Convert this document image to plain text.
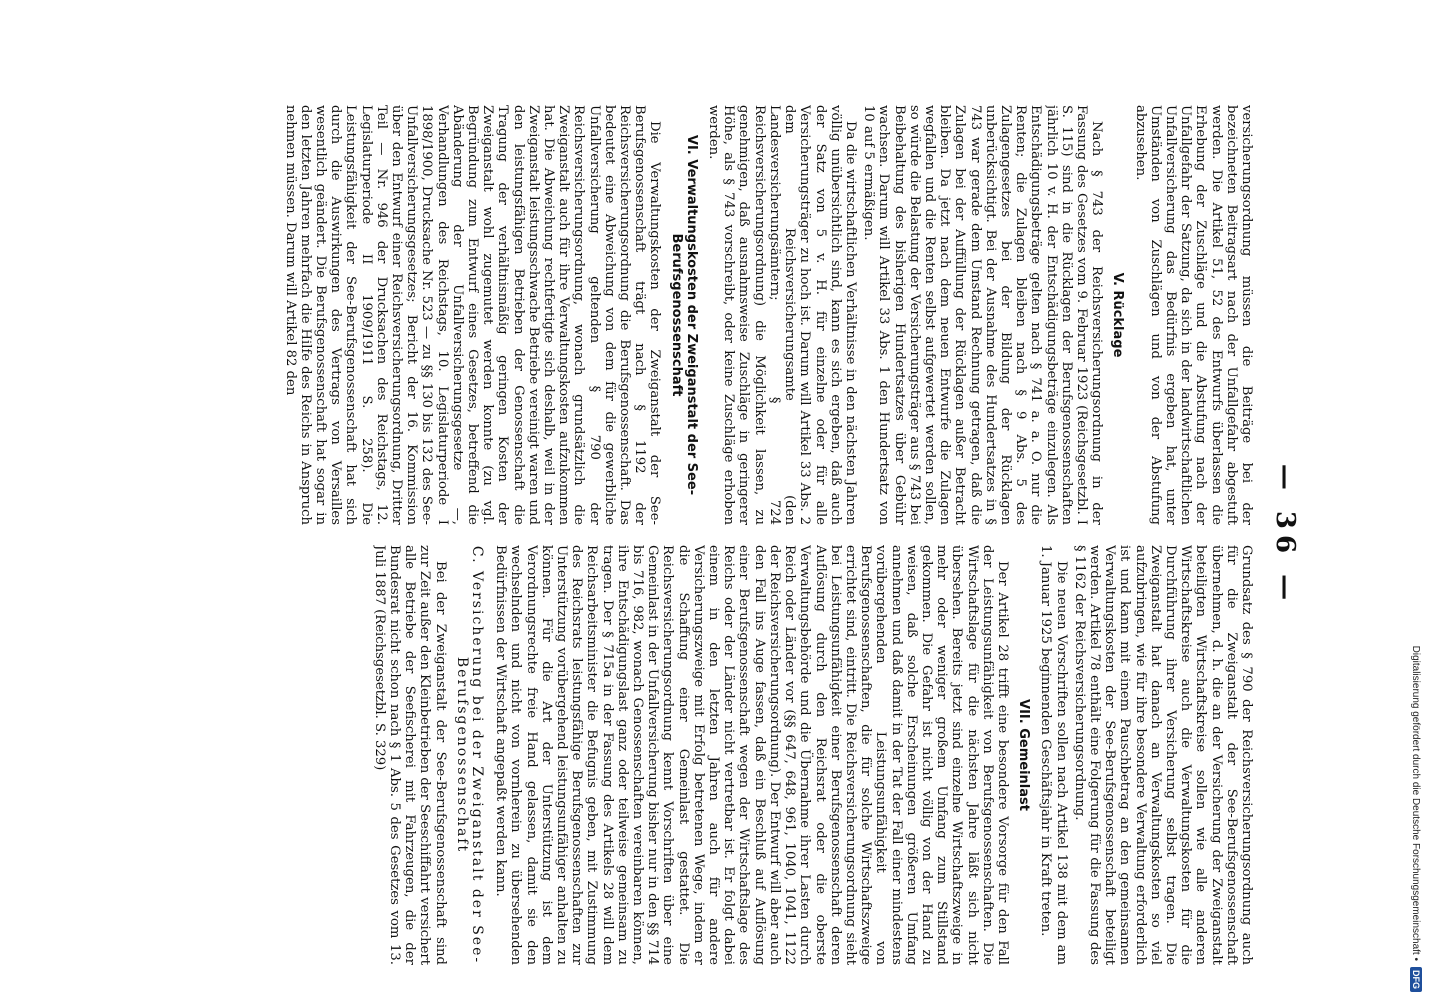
— 36 —

versicherungsordnung müssen die Beiträge bei der bezeichneten Beitragsart nach der Unfallgefahr abgestuft werden. Die Artikel 51, 52 des Entwurfs überlassen die Erhebung der Zuschläge und die Abstufung nach der Unfallgefahr der Satzung, da sich in der landwirtschaftlichen Unfallversicherung das Bedürfnis ergeben hat, unter Umständen von Zuschlägen und von der Abstufung abzusehen.

V. Rücklage

Nach § 743 der Reichsversicherungsordnung in der Fassung des Gesetzes vom 9. Februar 1923 (Reichsgesetzbl. I S. 115) sind in die Rücklagen der Berufsgenossenschaften jährlich 10 v. H. der Entschädigungsbeträge einzulegen. Als Entschädigungsbeträge gelten nach § 741 a. a. O. nur die Renten; die Zulagen bleiben nach § 9 Abs. 5 des Zulagengesetzes bei der Bildung der Rücklagen unberücksichtigt. Bei der Ausnahme des Hundertsatzes in § 743 war gerade dem Umstand Rechnung getragen, daß die Zulagen bei der Auffüllung der Rücklagen außer Betracht bleiben. Da jetzt nach dem neuen Entwurfe die Zulagen wegfallen und die Renten selbst aufgewertet werden sollen, so würde die Belastung der Versicherungsträger aus § 743 bei Beibehaltung des bisherigen Hundertsatzes über Gebühr wachsen. Darum will Artikel 33 Abs. 1 den Hundertsatz von 10 auf 5 ermäßigen.

Da die wirtschaftlichen Verhältnisse in den nächsten Jahren völlig unübersichtlich sind, kann es sich ergeben, daß auch der Satz von 5 v. H. für einzelne oder für alle Versicherungsträger zu hoch ist. Darum will Artikel 33 Abs. 2 dem Reichsversicherungsamte (den Landesversicherungsämtern; § 724 Reichsversicherungsordnung) die Möglichkeit lassen, zu genehmigen, daß ausnahmsweise Zuschläge in geringerer Höhe, als § 743 vorschreibt, oder keine Zuschläge erhoben werden.

VI. Verwaltungskosten der Zweiganstalt der See-Berufsgenossenschaft

Die Verwaltungskosten der Zweiganstalt der See-Berufsgenossenschaft trägt nach § 1192 der Reichsversicherungsordnung die Berufsgenossenschaft. Das bedeutet eine Abweichung von dem für die gewerbliche Unfallversicherung geltenden § 790 der Reichsversicherungsordnung, wonach grundsätzlich die Zweiganstalt auch für ihre Verwaltungskosten aufzukommen hat. Die Abweichung rechtfertigte sich deshalb, weil in der Zweiganstalt leistungsschwache Betriebe vereinigt waren und den leistungsfähigen Betrieben der Genossenschaft die Tragung der verhältnismäßig geringen Kosten der Zweiganstalt wohl zugemutet werden konnte (zu vgl. Begründung zum Entwurf eines Gesetzes, betreffend die Abänderung der Unfallversicherungsgesetze —, Verhandlungen des Reichstags, 10. Legislaturperiode I 1898/1900, Drucksache Nr. 523 — zu §§ 130 bis 132 des See-Unfallversicherungsgesetzes; Bericht der 16. Kommission über den Entwurf einer Reichsversicherungsordnung, Dritter Teil — Nr. 946 der Drucksachen des Reichstags, 12. Legislaturperiode II 1909/1911 S. 258). Die Leistungsfähigkeit der See-Berufsgenossenschaft hat sich durch die Auswirkungen des Vertrags von Versailles wesentlich geändert. Die Berufsgenossenschaft hat sogar in den letzten Jahren mehrfach die Hilfe des Reichs in Anspruch nehmen müssen. Darum will Artikel 82 den

Grundsatz des § 790 der Reichsversicherungsordnung auch für die Zweiganstalt der See-Berufsgenossenschaft übernehmen, d. h. die an der Versicherung der Zweiganstalt beteiligten Wirtschaftskreise sollen wie alle anderen Wirtschaftskreise auch die Verwaltungskosten für die Durchführung ihrer Versicherung selbst tragen. Die Zweiganstalt hat danach an Verwaltungskosten so viel aufzubringen, wie für ihre besondere Verwaltung erforderlich ist und kann mit einem Pauschbetrag an den gemeinsamen Verwaltungskosten der See-Berufsgenossenschaft beteiligt werden. Artikel 78 enthält eine Folgerung für die Fassung des § 1162 der Reichsversicherungsordnung.

Die neuen Vorschriften sollen nach Artikel 138 mit dem am 1. Januar 1925 beginnenden Geschäftsjahr in Kraft treten.

VII. Gemeinlast

Der Artikel 28 trifft eine besondere Vorsorge für den Fall der Leistungsunfähigkeit von Berufsgenossenschaften. Die Wirtschaftslage für die nächsten Jahre läßt sich nicht übersehen. Bereits jetzt sind einzelne Wirtschaftszweige in mehr oder weniger großem Umfang zum Stillstand gekommen. Die Gefahr ist nicht völlig von der Hand zu weisen, daß solche Erscheinungen größeren Umfang annehmen und daß damit in der Tat der Fall einer mindestens vorübergehenden Leistungsunfähigkeit von Berufsgenossenschaften, die für solche Wirtschaftszweige errichtet sind, eintritt. Die Reichsversicherungsordnung sieht bei Leistungsunfähigkeit einer Berufsgenossenschaft deren Auflösung durch den Reichsrat oder die oberste Verwaltungsbehörde und die Übernahme ihrer Lasten durch Reich oder Länder vor (§§ 647, 648, 961, 1040, 1041, 1122 der Reichsversicherungsordnung). Der Entwurf will aber auch den Fall ins Auge fassen, daß ein Beschluß auf Auflösung einer Berufsgenossenschaft wegen der Wirtschaftslage des Reichs oder der Länder nicht vertretbar ist. Er folgt dabei einem in den letzten Jahren auch für andere Versicherungszweige mit Erfolg betretenen Wege, indem er die Schaffung einer Gemeinlast gestattet. Die Reichsversicherungsordnung kennt Vorschriften über eine Gemeinlast in der Unfallversicherung bisher nur in den §§ 714 bis 716, 982, wonach Genossenschaften vereinbaren können, ihre Entschädigungslast ganz oder teilweise gemeinsam zu tragen. Der § 715a in der Fassung des Artikels 28 will dem Reichsarbeitsminister die Befugnis geben, mit Zustimmung des Reichsrats leistungsfähige Berufsgenossenschaften zur Unterstützung vorübergehend leistungsunfähiger anhalten zu können. Für die Art der Unterstützung ist dem Verordnungsrechte freie Hand gelassen, damit sie den wechselnden und nicht von vornherein zu übersehenden Bedürfnissen der Wirtschaft angepaßt werden kann.

C. Versicherung bei der Zweiganstalt der See-Berufsgenossenschaft

Bei der Zweiganstalt der See-Berufsgenossenschaft sind zur Zeit außer den Kleinbetrieben der Seeschiffahrt versichert alle Betriebe der Seefischerei mit Fahrzeugen, die der Bundesrat nicht schon nach § 1 Abs. 5 des Gesetzes vom 13. Juli 1887 (Reichsgesetzbl. S. 329)	Digitalisierung gefördert durch die Deutsche Forschungsgemeinschaft •
DFG
